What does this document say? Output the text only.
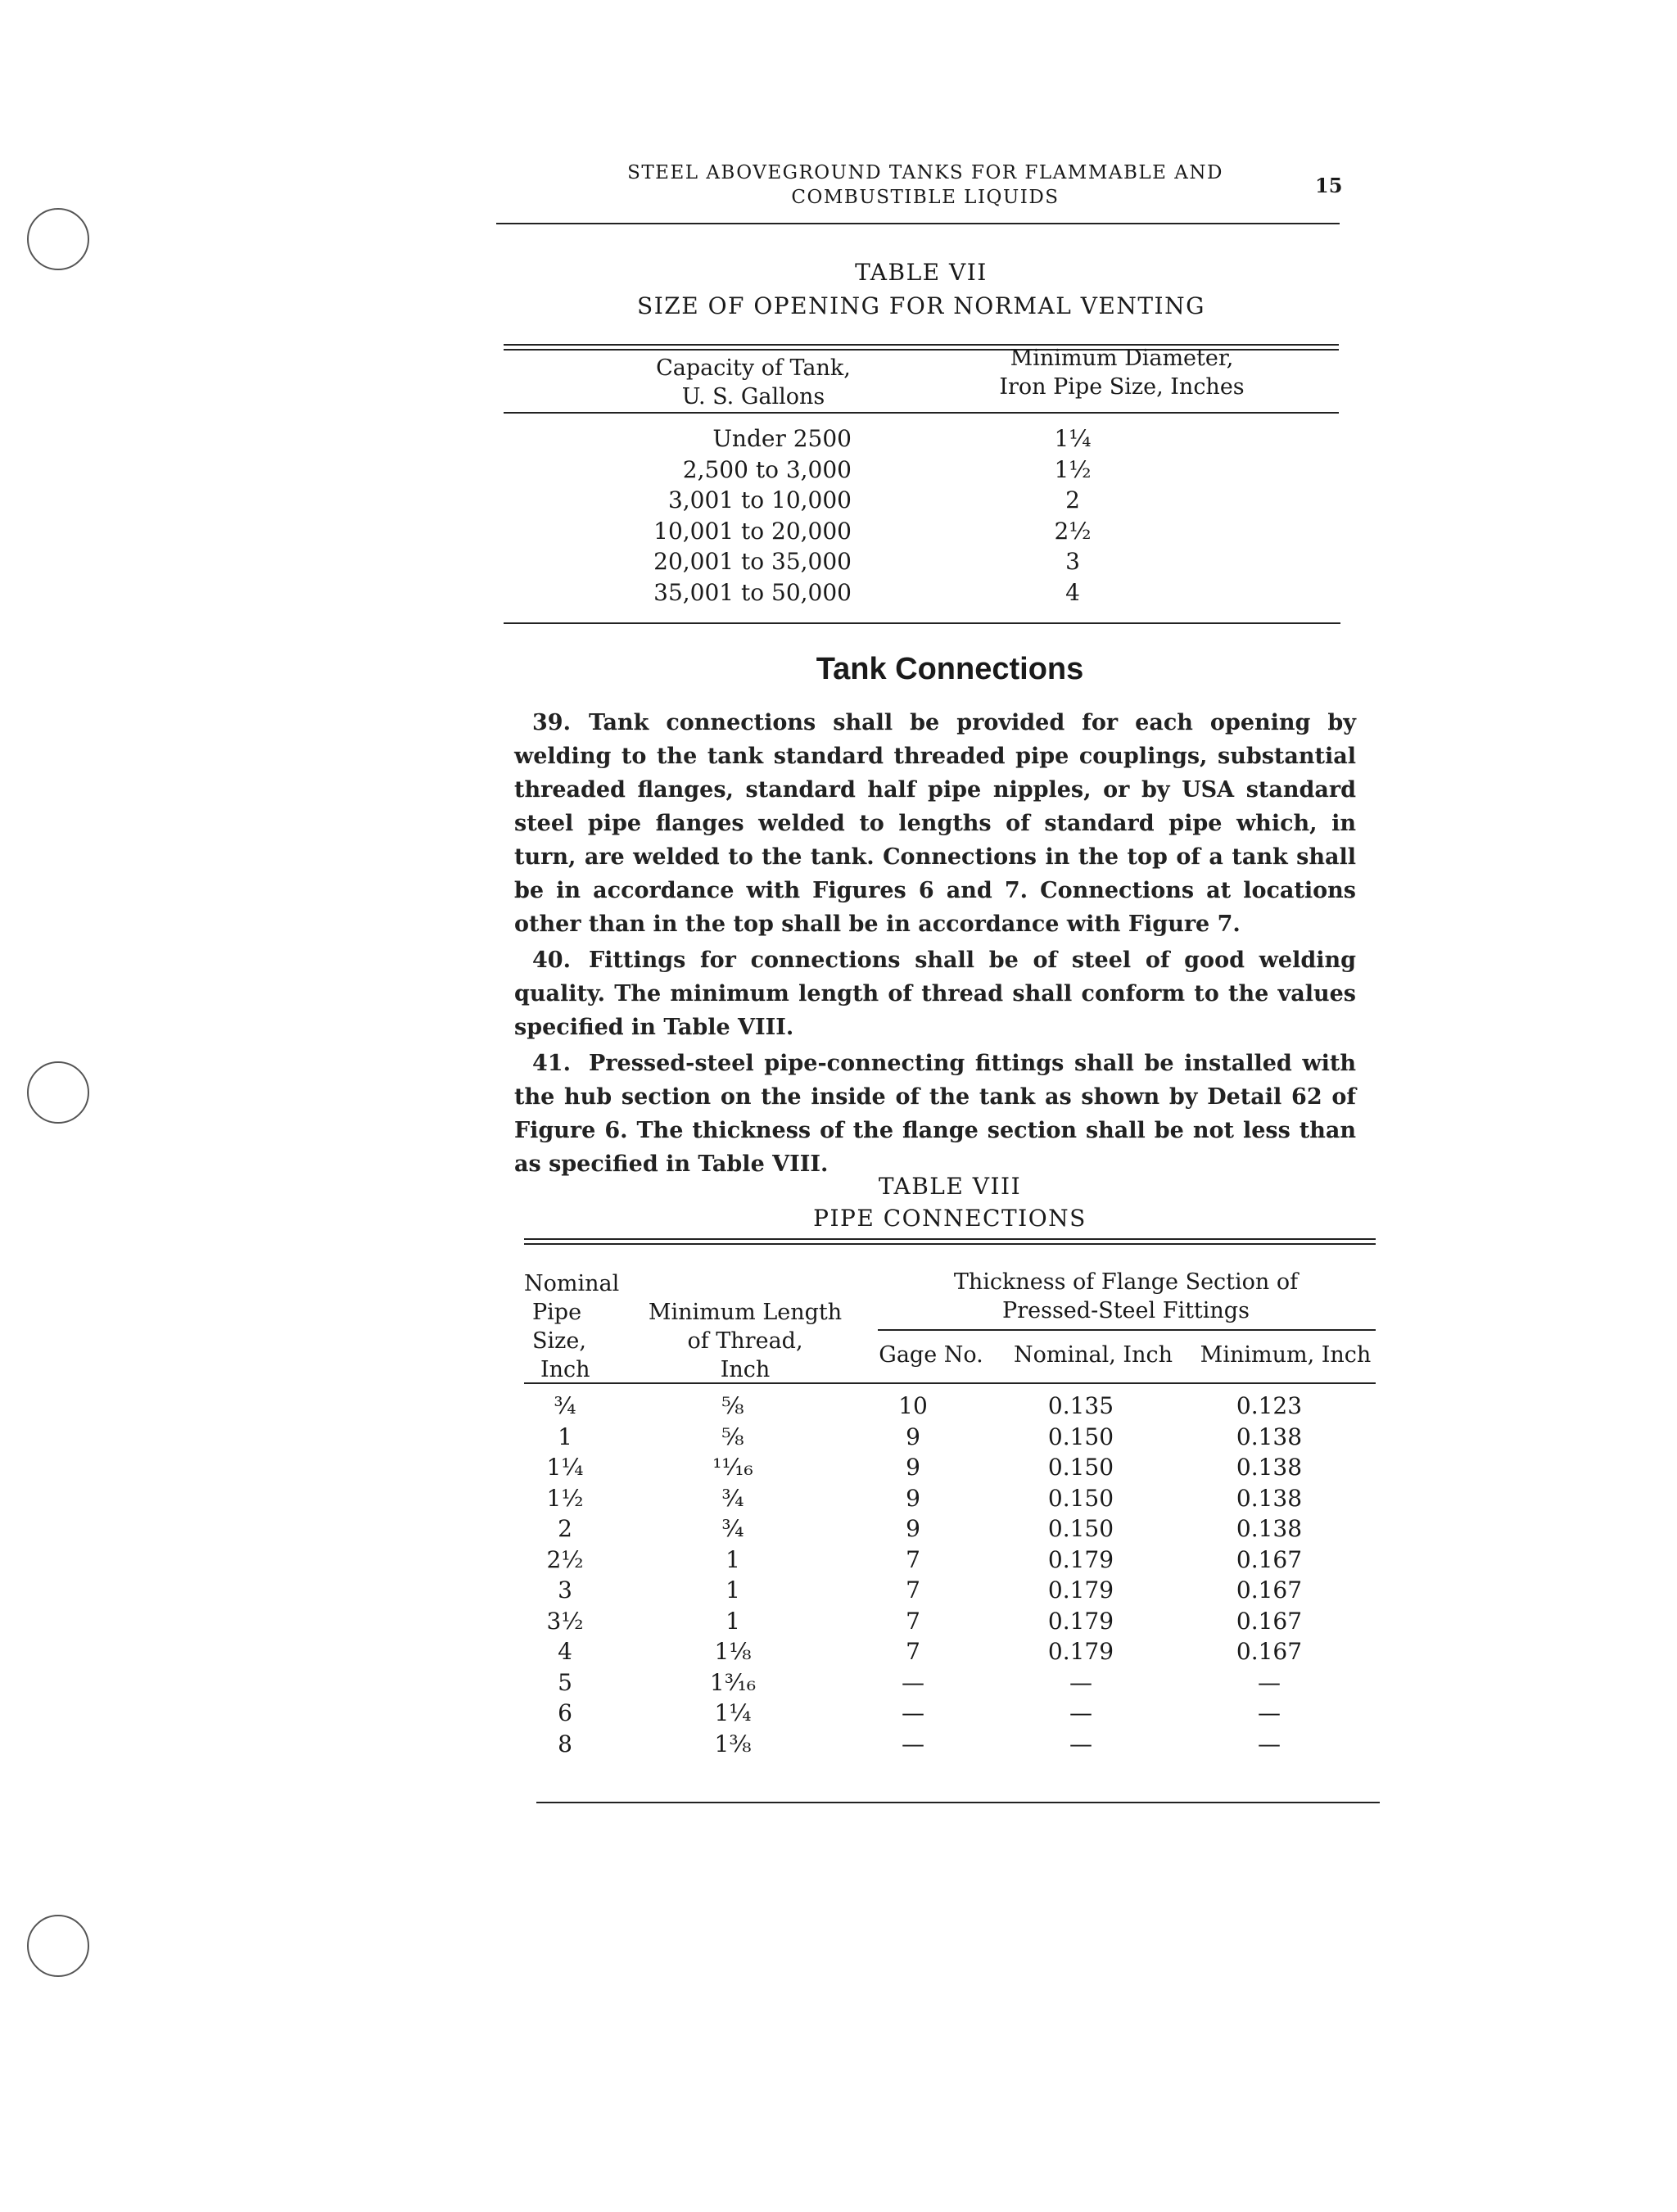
STEEL ABOVEGROUND TANKS FOR FLAMMABLE AND
COMBUSTIBLE LIQUIDS	15
TABLE VII
SIZE OF OPENING FOR NORMAL VENTING
Capacity of Tank,
U. S. Gallons
Minimum Diameter,
Iron Pipe Size, Inches
Under 2500	1¼
2,500 to 3,000	1½
3,001 to 10,000	2
10,001 to 20,000	2½
20,001 to 35,000	3
35,001 to 50,000	4
Tank Connections
39. Tank connections shall be provided for each opening by welding to the tank standard threaded pipe couplings, substantial threaded flanges, standard half pipe nipples, or by USA standard steel pipe flanges welded to lengths of standard pipe which, in turn, are welded to the tank. Connections in the top of a tank shall be in accordance with Figures 6 and 7. Connections at locations other than in the top shall be in accordance with Figure 7.
40. Fittings for connections shall be of steel of good welding quality. The minimum length of thread shall conform to the values specified in Table VIII.
41. Pressed-steel pipe-connecting fittings shall be installed with the hub section on the inside of the tank as shown by Detail 62 of Figure 6. The thickness of the flange section shall be not less than as specified in Table VIII.
TABLE VIII
PIPE CONNECTIONS
Nominal
Pipe
Size,
Inch
Minimum Length
of Thread,
Inch
Thickness of Flange Section of
Pressed-Steel Fittings
Gage No. Nominal, Inch Minimum, Inch
¾	⅝	10	0.135	0.123
1	⅝	9	0.150	0.138
1¼	¹¹⁄₁₆	9	0.150	0.138
1½	¾	9	0.150	0.138
2	¾	9	0.150	0.138
2½	1	7	0.179	0.167
3	1	7	0.179	0.167
3½	1	7	0.179	0.167
4	1⅛	7	0.179	0.167
5	1³⁄₁₆	—	—	—
6	1¼	—	—	—
8	1⅜	—	—	—
